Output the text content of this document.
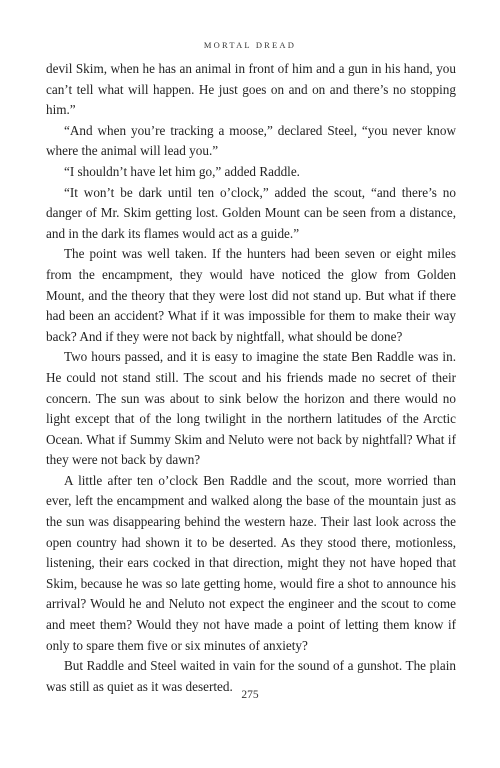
MORTAL DREAD

devil Skim, when he has an animal in front of him and a gun in his hand, you can’t tell what will happen. He just goes on and on and there’s no stopping him.”

“And when you’re tracking a moose,” declared Steel, “you never know where the animal will lead you.”

“I shouldn’t have let him go,” added Raddle.

“It won’t be dark until ten o’clock,” added the scout, “and there’s no danger of Mr. Skim getting lost. Golden Mount can be seen from a distance, and in the dark its flames would act as a guide.”

The point was well taken. If the hunters had been seven or eight miles from the encampment, they would have noticed the glow from Golden Mount, and the theory that they were lost did not stand up. But what if there had been an accident? What if it was impossible for them to make their way back? And if they were not back by nightfall, what should be done?

Two hours passed, and it is easy to imagine the state Ben Raddle was in. He could not stand still. The scout and his friends made no secret of their concern. The sun was about to sink below the horizon and there would no light except that of the long twilight in the northern latitudes of the Arctic Ocean. What if Summy Skim and Neluto were not back by nightfall? What if they were not back by dawn?

A little after ten o’clock Ben Raddle and the scout, more worried than ever, left the encampment and walked along the base of the mountain just as the sun was disappearing behind the western haze. Their last look across the open country had shown it to be deserted. As they stood there, motionless, listening, their ears cocked in that direction, might they not have hoped that Skim, because he was so late getting home, would fire a shot to announce his arrival? Would he and Neluto not expect the engineer and the scout to come and meet them? Would they not have made a point of letting them know if only to spare them five or six minutes of anxiety?

But Raddle and Steel waited in vain for the sound of a gunshot. The plain was still as quiet as it was deserted.

275
